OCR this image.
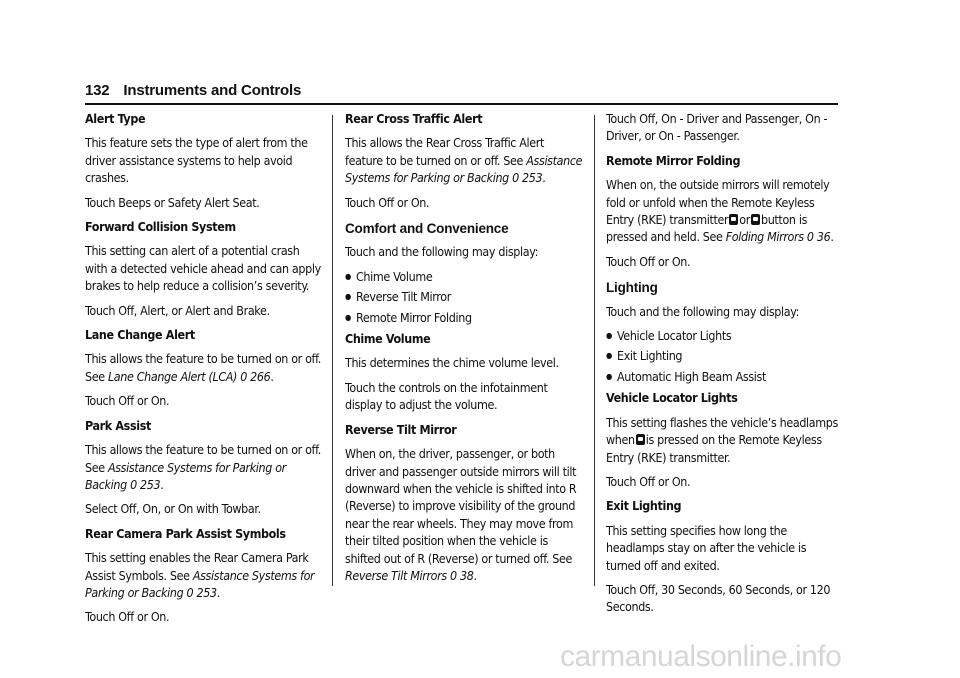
132 Instruments and Controls

Alert Type

This feature sets the type of alert from the driver assistance systems to help avoid crashes.

Touch Beeps or Safety Alert Seat.

Forward Collision System

This setting can alert of a potential crash with a detected vehicle ahead and can apply brakes to help reduce a collision’s severity.

Touch Off, Alert, or Alert and Brake.

Lane Change Alert

This allows the feature to be turned on or off. See Lane Change Alert (LCA) 0 266.

Touch Off or On.

Park Assist

This allows the feature to be turned on or off. See Assistance Systems for Parking or Backing 0 253.

Select Off, On, or On with Towbar.

Rear Camera Park Assist Symbols

This setting enables the Rear Camera Park Assist Symbols. See Assistance Systems for Parking or Backing 0 253.

Touch Off or On.

Rear Cross Traffic Alert

This allows the Rear Cross Traffic Alert feature to be turned on or off. See Assistance Systems for Parking or Backing 0 253.

Touch Off or On.

Comfort and Convenience

Touch and the following may display:

● Chime Volume
● Reverse Tilt Mirror
● Remote Mirror Folding

Chime Volume

This determines the chime volume level.

Touch the controls on the infotainment display to adjust the volume.

Reverse Tilt Mirror

When on, the driver, passenger, or both driver and passenger outside mirrors will tilt downward when the vehicle is shifted into R (Reverse) to improve visibility of the ground near the rear wheels. They may move from their tilted position when the vehicle is shifted out of R (Reverse) or turned off. See Reverse Tilt Mirrors 0 38.

Touch Off, On - Driver and Passenger, On - Driver, or On - Passenger.

Remote Mirror Folding

When on, the outside mirrors will remotely fold or unfold when the Remote Keyless Entry (RKE) transmitter or button is pressed and held. See Folding Mirrors 0 36.

Touch Off or On.

Lighting

Touch and the following may display:

● Vehicle Locator Lights
● Exit Lighting
● Automatic High Beam Assist

Vehicle Locator Lights

This setting flashes the vehicle’s headlamps when is pressed on the Remote Keyless Entry (RKE) transmitter.

Touch Off or On.

Exit Lighting

This setting specifies how long the headlamps stay on after the vehicle is turned off and exited.

Touch Off, 30 Seconds, 60 Seconds, or 120 Seconds.

carmanualsonline.info
